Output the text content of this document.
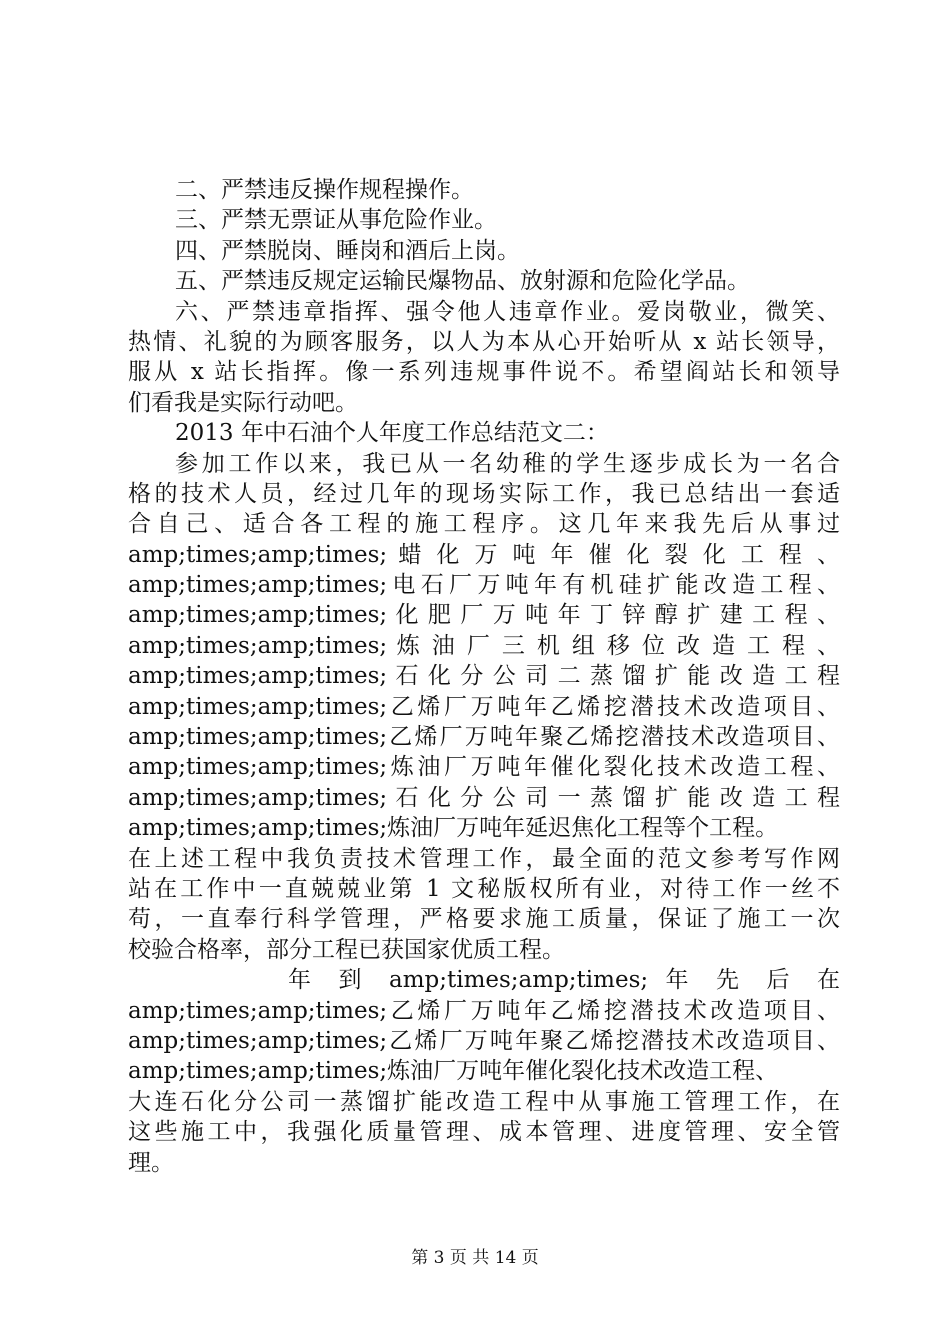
二、严禁违反操作规程操作。
三、严禁无票证从事危险作业。
四、严禁脱岗、睡岗和酒后上岗。
五、严禁违反规定运输民爆物品、放射源和危险化学品。
六、严禁违章指挥、强令他人违章作业。爱岗敬业，微笑、
热情、礼貌的为顾客服务，以人为本从心开始听从 x 站长领导，
服从 x 站长指挥。像一系列违规事件说不。希望阎站长和领导
们看我是实际行动吧。
2013 年中石油个人年度工作总结范文二：
参加工作以来，我已从一名幼稚的学生逐步成长为一名合
格的技术人员，经过几年的现场实际工作，我已总结出一套适
合自己、适合各工程的施工程序。这几年来我先后从事过
amp;times;amp;times; 蜡 化 万 吨 年 催 化 裂 化 工 程 、
amp;times;amp;times;电石厂万吨年有机硅扩能改造工程、
amp;times;amp;times; 化 肥 厂 万 吨 年 丁 锌 醇 扩 建 工 程 、
amp;times;amp;times; 炼 油 厂 三 机 组 移 位 改 造 工 程 、
amp;times;amp;times; 石 化 分 公 司 二 蒸 馏 扩 能 改 造 工 程
amp;times;amp;times;乙烯厂万吨年乙烯挖潜技术改造项目、
amp;times;amp;times;乙烯厂万吨年聚乙烯挖潜技术改造项目、
amp;times;amp;times;炼油厂万吨年催化裂化技术改造工程、
amp;times;amp;times; 石 化 分 公 司 一 蒸 馏 扩 能 改 造 工 程
amp;times;amp;times;炼油厂万吨年延迟焦化工程等个工程。
在上述工程中我负责技术管理工作，最全面的范文参考写作网
站在工作中一直兢兢业第 1 文秘版权所有业，对待工作一丝不
苟，一直奉行科学管理，严格要求施工质量，保证了施工一次
校验合格率，部分工程已获国家优质工程。
年 到 amp;times;amp;times; 年 先 后 在
amp;times;amp;times;乙烯厂万吨年乙烯挖潜技术改造项目、
amp;times;amp;times;乙烯厂万吨年聚乙烯挖潜技术改造项目、
amp;times;amp;times;炼油厂万吨年催化裂化技术改造工程、
大连石化分公司一蒸馏扩能改造工程中从事施工管理工作，在
这些施工中，我强化质量管理、成本管理、进度管理、安全管
理。
第 3 页 共 14 页
